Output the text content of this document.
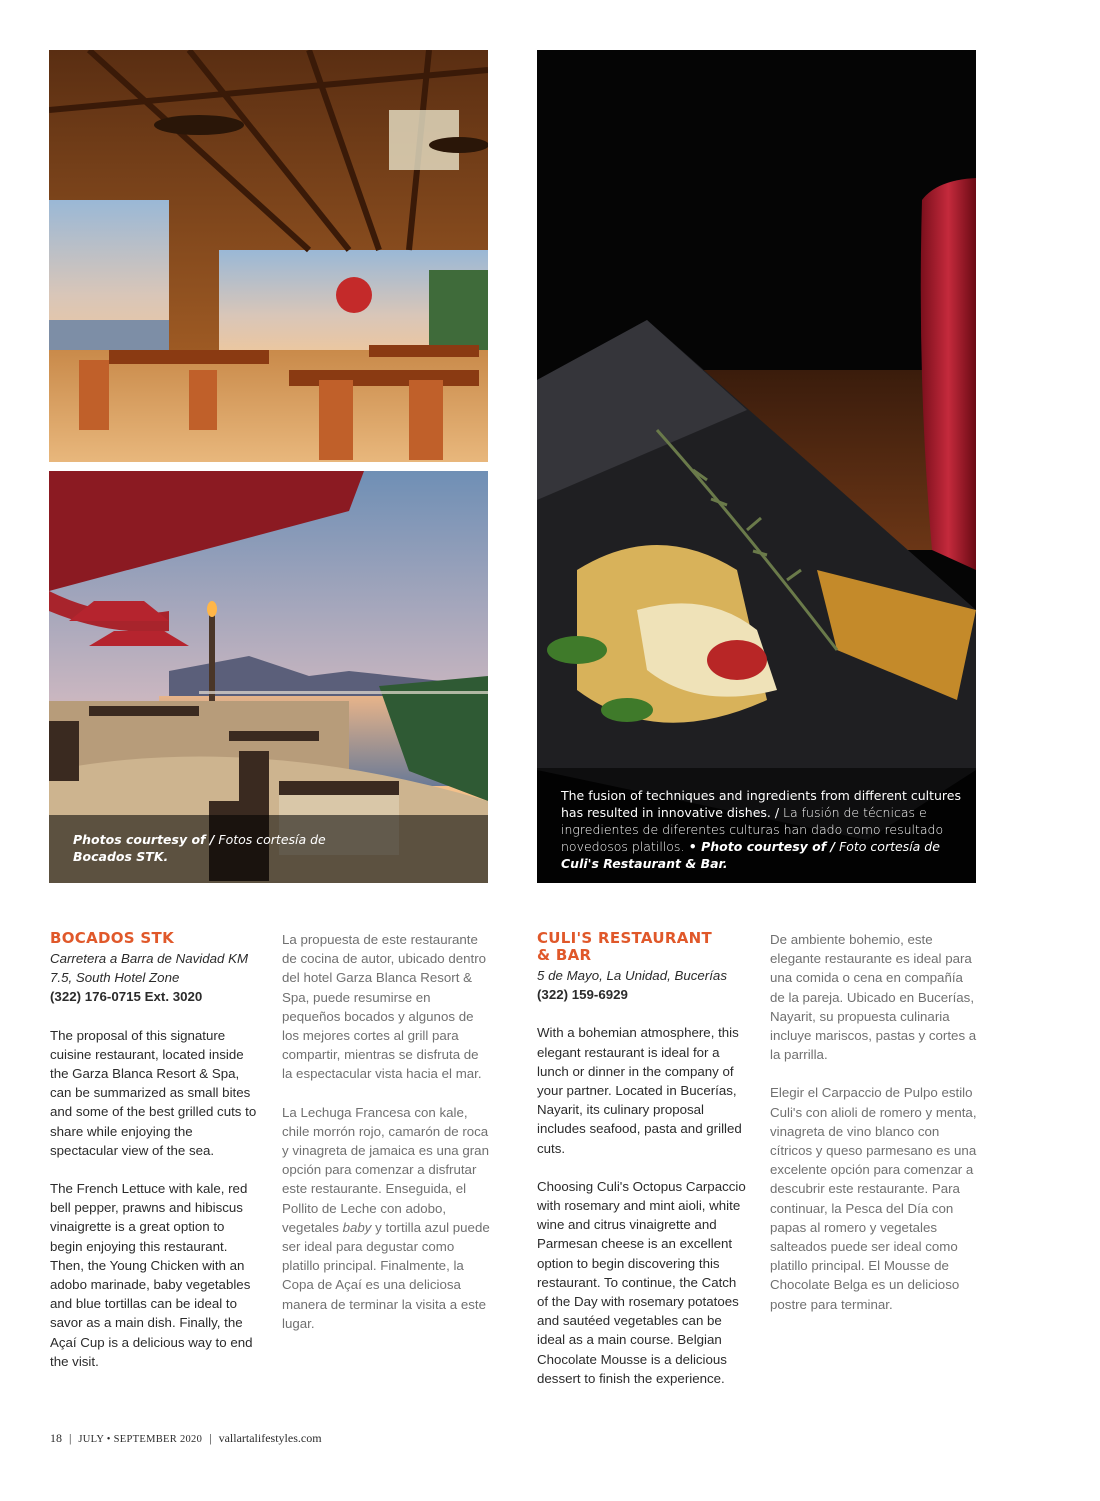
Photos courtesy of / Fotos cortesía de
Bocados STK.
The fusion of techniques and ingredients from different cultures has resulted in innovative dishes. / La fusión de técnicas e ingredientes de diferentes culturas han dado como resultado novedosos platillos. • Photo courtesy of / Foto cortesía de Culi's Restaurant & Bar.
BOCADOS STK

Carretera a Barra de Navidad KM 7.5, South Hotel Zone

(322) 176-0715 Ext. 3020

The proposal of this signature cuisine restaurant, located inside the Garza Blanca Resort & Spa, can be summarized as small bites and some of the best grilled cuts to share while enjoying the spectacular view of the sea.

The French Lettuce with kale, red bell pepper, prawns and hibiscus vinaigrette is a great option to begin enjoying this restaurant. Then, the Young Chicken with an adobo marinade, baby vegetables and blue tortillas can be ideal to savor as a main dish. Finally, the Açaí Cup is a delicious way to end the visit.

La propuesta de este restaurante de cocina de autor, ubicado dentro del hotel Garza Blanca Resort & Spa, puede resumirse en pequeños bocados y algunos de los mejores cortes al grill para compartir, mientras se disfruta de la espectacular vista hacia el mar.

La Lechuga Francesa con kale, chile morrón rojo, camarón de roca y vinagreta de jamaica es una gran opción para comenzar a disfrutar este restaurante. Enseguida, el Pollito de Leche con adobo, vegetales baby y tortilla azul puede ser ideal para degustar como platillo principal. Finalmente, la Copa de Açaí es una deliciosa manera de terminar la visita a este lugar.

CULI'S RESTAURANT & BAR

5 de Mayo, La Unidad, Bucerías

(322) 159-6929

With a bohemian atmosphere, this elegant restaurant is ideal for a lunch or dinner in the company of your partner. Located in Bucerías, Nayarit, its culinary proposal includes seafood, pasta and grilled cuts.

Choosing Culi's Octopus Carpaccio with rosemary and mint aioli, white wine and citrus vinaigrette and Parmesan cheese is an excellent option to begin discovering this restaurant. To continue, the Catch of the Day with rosemary potatoes and sautéed vegetables can be ideal as a main course. Belgian Chocolate Mousse is a delicious dessert to finish the experience.

De ambiente bohemio, este elegante restaurante es ideal para una comida o cena en compañía de la pareja. Ubicado en Bucerías, Nayarit, su propuesta culinaria incluye mariscos, pastas y cortes a la parrilla.

Elegir el Carpaccio de Pulpo estilo Culi's con alioli de romero y menta, vinagreta de vino blanco con cítricos y queso parmesano es una excelente opción para comenzar a descubrir este restaurante. Para continuar, la Pesca del Día con papas al romero y vegetales salteados puede ser ideal como platillo principal. El Mousse de Chocolate Belga es un delicioso postre para terminar.

18 | JULY • SEPTEMBER 2020 | vallartalifestyles.com
